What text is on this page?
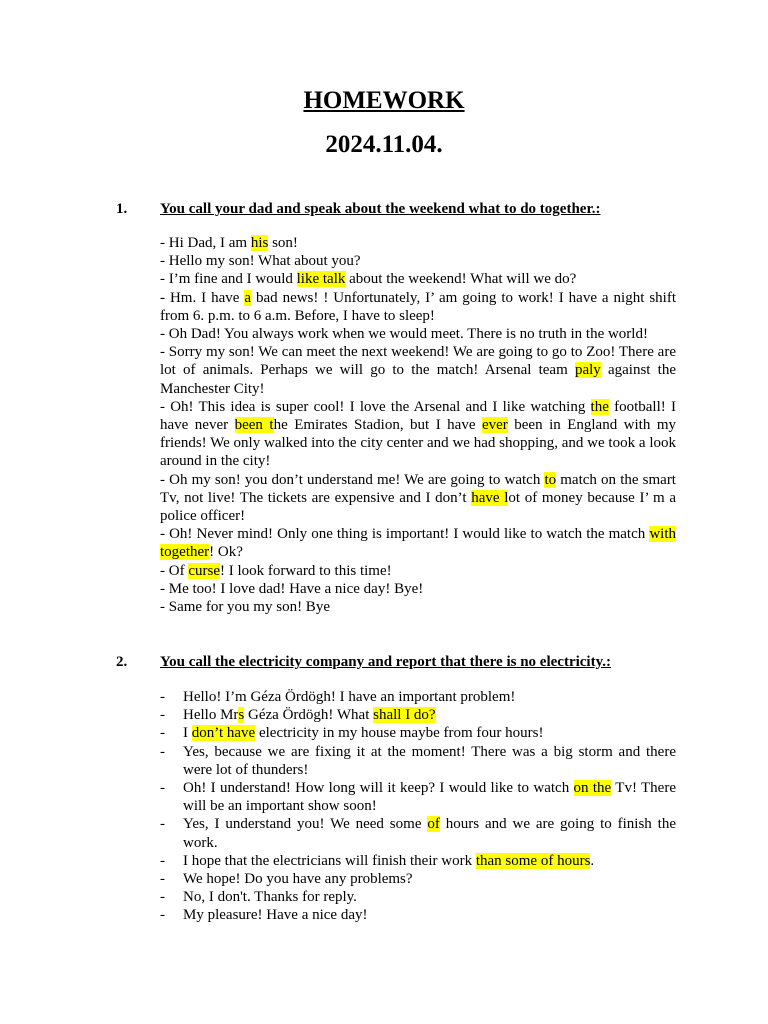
HOMEWORK
2024.11.04.
1. You call your dad and speak about the weekend what to do together.:
- Hi Dad, I am his son!
- Hello my son! What about you?
- I’m fine and I would like talk about the weekend! What will we do?
- Hm. I have a bad news! ! Unfortunately, I’ am going to work! I have a night shift from 6. p.m. to 6 a.m. Before, I have to sleep!
- Oh Dad! You always work when we would meet. There is no truth in the world!
- Sorry my son! We can meet the next weekend! We are going to go to Zoo! There are lot of animals. Perhaps we will go to the match! Arsenal team paly against the Manchester City!
- Oh! This idea is super cool! I love the Arsenal and I like watching the football! I have never been the Emirates Stadion, but I have ever been in England with my friends! We only walked into the city center and we had shopping, and we took a look around in the city!
- Oh my son! you don’t understand me! We are going to watch to match on the smart Tv, not live! The tickets are expensive and I don’t have lot of money because I’ m a police officer!
- Oh! Never mind! Only one thing is important! I would like to watch the match with together! Ok?
- Of curse! I look forward to this time!
- Me too! I love dad! Have a nice day! Bye!
- Same for you my son! Bye
2. You call the electricity company and report that there is no electricity.:
-	Hello! I’m Géza Ördögh! I have an important problem!
-	Hello Mrs Géza Ördögh! What shall I do?
-	I don’t have electricity in my house maybe from four hours!
-	Yes, because we are fixing it at the moment! There was a big storm and there were lot of thunders!
-	Oh! I understand! How long will it keep? I would like to watch on the Tv! There will be an important show soon!
-	Yes, I understand you! We need some of hours and we are going to finish the work.
-	I hope that the electricians will finish their work than some of hours.
-	We hope! Do you have any problems?
-	No, I don't. Thanks for reply.
-	My pleasure! Have a nice day!
